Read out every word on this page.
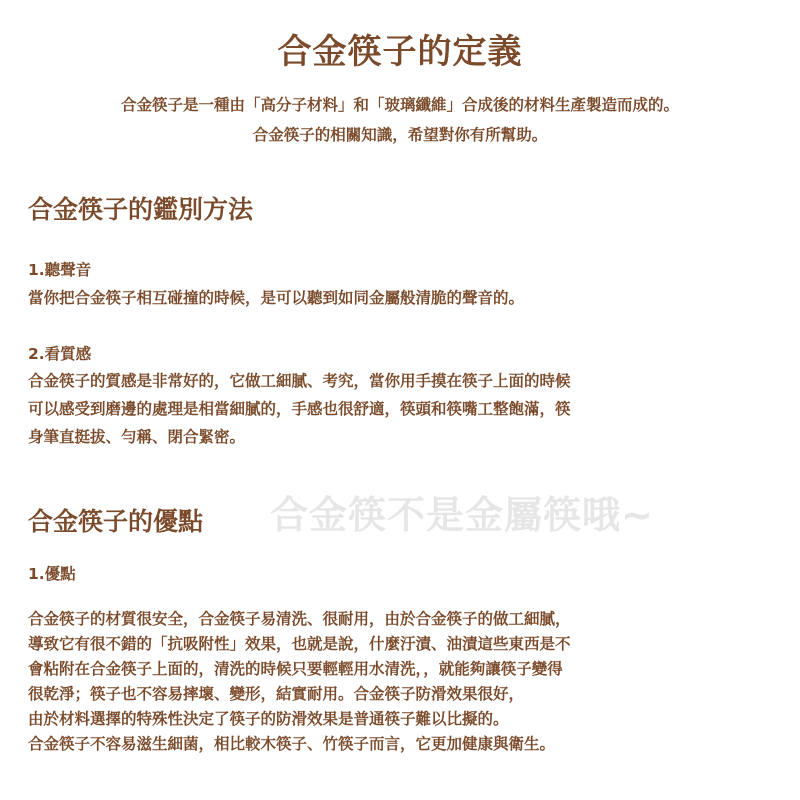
合金筷子的定義
合金筷子是一種由「高分子材料」和「玻璃纖維」合成後的材料生產製造而成的。
合金筷子的相關知識，希望對你有所幫助。
合金筷子的鑑別方法
1.聽聲音
當你把合金筷子相互碰撞的時候，是可以聽到如同金屬般清脆的聲音的。
2.看質感
合金筷子的質感是非常好的，它做工細膩、考究，當你用手摸在筷子上面的時候
可以感受到磨邊的處理是相當細膩的，手感也很舒適，筷頭和筷嘴工整飽滿，筷
身筆直挺拔、勻稱、閉合緊密。
合金筷子的優點 合金筷不是金屬筷哦~
1.優點
合金筷子的材質很安全，合金筷子易清洗、很耐用，由於合金筷子的做工細膩，
導致它有很不錯的「抗吸附性」效果，也就是說，什麼汙漬、油漬這些東西是不
會粘附在合金筷子上面的，清洗的時候只要輕輕用水清洗，，就能夠讓筷子變得
很乾淨；筷子也不容易摔壞、變形，結實耐用。合金筷子防滑效果很好，
由於材料選擇的特殊性決定了筷子的防滑效果是普通筷子難以比擬的。
合金筷子不容易滋生細菌，相比較木筷子、竹筷子而言，它更加健康與衛生。
